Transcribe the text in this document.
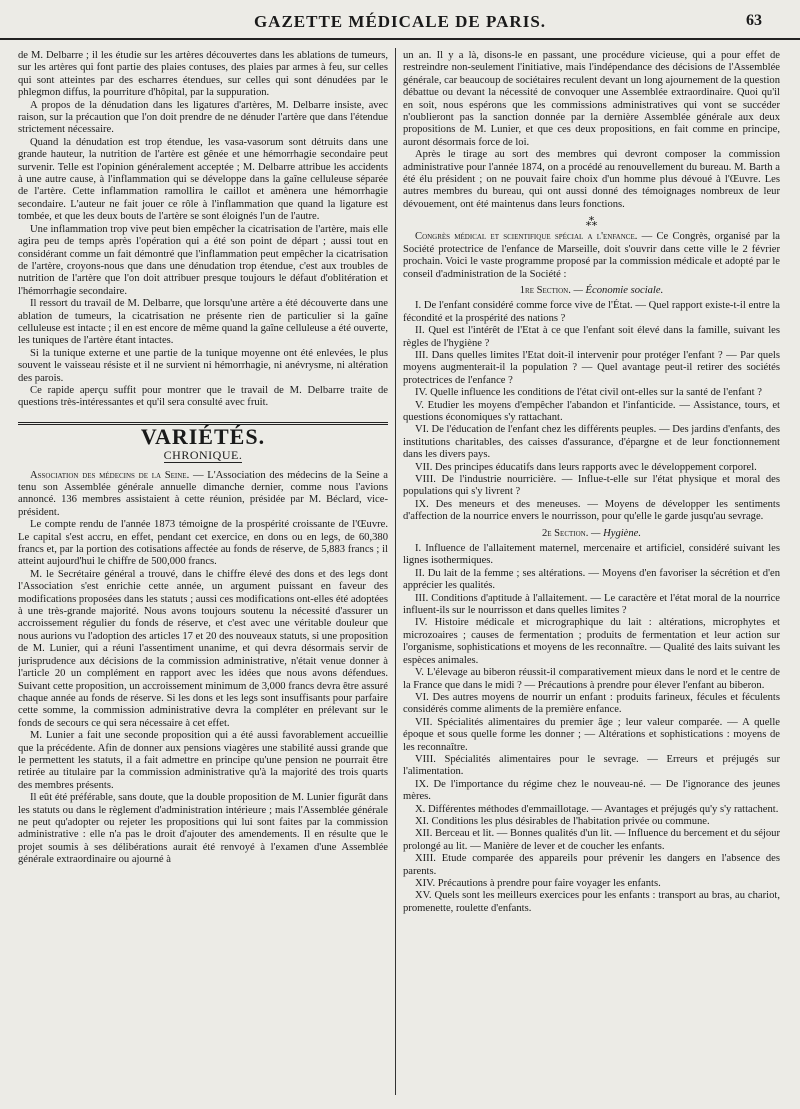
GAZETTE MÉDICALE DE PARIS.	63

de M. Delbarre ; il les étudie sur les artères découvertes dans les ablations de tumeurs, sur les artères qui font partie des plaies contuses, des plaies par armes à feu, sur celles qui sont atteintes par des escharres étendues, sur celles qui sont dénudées par le phlegmon diffus, la pourriture d'hôpital, par la suppuration.

A propos de la dénudation dans les ligatures d'artères, M. Delbarre insiste, avec raison, sur la précaution que l'on doit prendre de ne dénuder l'artère que dans l'étendue strictement nécessaire.

Quand la dénudation est trop étendue, les vasa-vasorum sont détruits dans une grande hauteur, la nutrition de l'artère est gênée et une hémorrhagie secondaire peut survenir. Telle est l'opinion généralement acceptée ; M. Delbarre attribue les accidents à une autre cause, à l'inflammation qui se développe dans la gaîne celluleuse séparée de l'artère. Cette inflammation ramollira le caillot et amènera une hémorrhagie secondaire. L'auteur ne fait jouer ce rôle à l'inflammation que quand la ligature est tombée, et que les deux bouts de l'artère se sont éloignés l'un de l'autre.

Une inflammation trop vive peut bien empêcher la cicatrisation de l'artère, mais elle agira peu de temps après l'opération qui a été son point de départ ; aussi tout en considérant comme un fait démontré que l'inflammation peut empêcher la cicatrisation de l'artère, croyons-nous que dans une dénudation trop étendue, c'est aux troubles de nutrition de l'artère que l'on doit attribuer presque toujours le défaut d'oblitération et l'hémorrhagie secondaire.

Il ressort du travail de M. Delbarre, que lorsqu'une artère a été découverte dans une ablation de tumeurs, la cicatrisation ne présente rien de particulier si la gaîne celluleuse est intacte ; il en est encore de même quand la gaîne celluleuse a été ouverte, les tuniques de l'artère étant intactes.

Si la tunique externe et une partie de la tunique moyenne ont été enlevées, le plus souvent le vaisseau résiste et il ne survient ni hémorrhagie, ni anévrysme, ni altération des parois.

Ce rapide aperçu suffit pour montrer que le travail de M. Delbarre traite de questions très-intéressantes et qu'il sera consulté avec fruit.

VARIÉTÉS.
CHRONIQUE.

Association des médecins de la Seine. — L'Association des médecins de la Seine a tenu son Assemblée générale annuelle dimanche dernier, comme nous l'avions annoncé. 136 membres assistaient à cette réunion, présidée par M. Béclard, vice-président.

Le compte rendu de l'année 1873 témoigne de la prospérité croissante de l'Œuvre. Le capital s'est accru, en effet, pendant cet exercice, en dons ou en legs, de 60,380 francs et, par la portion des cotisations affectée au fonds de réserve, de 5,883 francs ; il atteint aujourd'hui le chiffre de 500,000 francs.

M. le Secrétaire général a trouvé, dans le chiffre élevé des dons et des legs dont l'Association s'est enrichie cette année, un argument puissant en faveur des modifications proposées dans les statuts ; aussi ces modifications ont-elles été adoptées à une très-grande majorité. Nous avons toujours soutenu la nécessité d'assurer un accroissement régulier du fonds de réserve, et c'est avec une véritable douleur que nous aurions vu l'adoption des articles 17 et 20 des nouveaux statuts, si une proposition de M. Lunier, qui a réuni l'assentiment unanime, et qui devra désormais servir de jurisprudence aux décisions de la commission administrative, n'était venue donner à l'article 20 un complément en rapport avec les idées que nous avons défendues. Suivant cette proposition, un accroissement minimum de 3,000 francs devra être assuré chaque année au fonds de réserve. Si les dons et les legs sont insuffisants pour parfaire cette somme, la commission administrative devra la compléter en prélevant sur le fonds de secours ce qui sera nécessaire à cet effet.

M. Lunier a fait une seconde proposition qui a été aussi favorablement accueillie que la précédente. Afin de donner aux pensions viagères une stabilité aussi grande que le permettent les statuts, il a fait admettre en principe qu'une pension ne pourrait être retirée au titulaire par la commission administrative qu'à la majorité des trois quarts des membres présents.

Il eût été préférable, sans doute, que la double proposition de M. Lunier figurât dans les statuts ou dans le règlement d'administration intérieure ; mais l'Assemblée générale ne peut qu'adopter ou rejeter les propositions qui lui sont faites par la commission administrative : elle n'a pas le droit d'ajouter des amendements. Il en résulte que le projet soumis à ses délibérations aurait été renvoyé à l'examen d'une Assemblée générale extraordinaire ou ajourné à

un an. Il y a là, disons-le en passant, une procédure vicieuse, qui a pour effet de restreindre non-seulement l'initiative, mais l'indépendance des décisions de l'Assemblée générale, car beaucoup de sociétaires reculent devant un long ajournement de la question débattue ou devant la nécessité de convoquer une Assemblée extraordinaire. Quoi qu'il en soit, nous espérons que les commissions administratives qui vont se succéder n'oublieront pas la sanction donnée par la dernière Assemblée générale aux deux propositions de M. Lunier, et que ces deux propositions, en fait comme en principe, auront désormais force de loi.

Après le tirage au sort des membres qui devront composer la commission administrative pour l'année 1874, on a procédé au renouvellement du bureau. M. Barth a été élu président ; on ne pouvait faire choix d'un homme plus dévoué à l'Œuvre. Les autres membres du bureau, qui ont aussi donné des témoignages nombreux de leur dévouement, ont été maintenus dans leurs fonctions.

⁂

Congrès médical et scientifique spécial a l'enfance. — Ce Congrès, organisé par la Société protectrice de l'enfance de Marseille, doit s'ouvrir dans cette ville le 2 février prochain. Voici le vaste programme proposé par la commission médicale et adopté par le conseil d'administration de la Société :

1re Section. — Économie sociale.

I. De l'enfant considéré comme force vive de l'État. — Quel rapport existe-t-il entre la fécondité et la prospérité des nations ?

II. Quel est l'intérêt de l'Etat à ce que l'enfant soit élevé dans la famille, suivant les règles de l'hygiène ?

III. Dans quelles limites l'Etat doit-il intervenir pour protéger l'enfant ? — Par quels moyens augmenterait-il la population ? — Quel avantage peut-il retirer des sociétés protectrices de l'enfance ?

IV. Quelle influence les conditions de l'état civil ont-elles sur la santé de l'enfant ?

V. Etudier les moyens d'empêcher l'abandon et l'infanticide. — Assistance, tours, et questions économiques s'y rattachant.

VI. De l'éducation de l'enfant chez les différents peuples. — Des jardins d'enfants, des institutions charitables, des caisses d'assurance, d'épargne et de leur fonctionnement dans les divers pays.

VII. Des principes éducatifs dans leurs rapports avec le développement corporel.

VIII. De l'industrie nourricière. — Influe-t-elle sur l'état physique et moral des populations qui s'y livrent ?

IX. Des meneurs et des meneuses. — Moyens de développer les sentiments d'affection de la nourrice envers le nourrisson, pour qu'elle le garde jusqu'au sevrage.

2e Section. — Hygiène.

I. Influence de l'allaitement maternel, mercenaire et artificiel, considéré suivant les lignes isothermiques.

II. Du lait de la femme ; ses altérations. — Moyens d'en favoriser la sécrétion et d'en apprécier les qualités.

III. Conditions d'aptitude à l'allaitement. — Le caractère et l'état moral de la nourrice influent-ils sur le nourrisson et dans quelles limites ?

IV. Histoire médicale et micrographique du lait : altérations, microphytes et microzoaires ; causes de fermentation ; produits de fermentation et leur action sur l'organisme, sophistications et moyens de les reconnaître. — Qualité des laits suivant les espèces animales.

V. L'élevage au biberon réussit-il comparativement mieux dans le nord et le centre de la France que dans le midi ? — Précautions à prendre pour élever l'enfant au biberon.

VI. Des autres moyens de nourrir un enfant : produits farineux, fécules et féculents considérés comme aliments de la première enfance.

VII. Spécialités alimentaires du premier âge ; leur valeur comparée. — A quelle époque et sous quelle forme les donner ; — Altérations et sophistications : moyens de les reconnaître.

VIII. Spécialités alimentaires pour le sevrage. — Erreurs et préjugés sur l'alimentation.

IX. De l'importance du régime chez le nouveau-né. — De l'ignorance des jeunes mères.

X. Différentes méthodes d'emmaillotage. — Avantages et préjugés qu'y s'y rattachent.

XI. Conditions les plus désirables de l'habitation privée ou commune.

XII. Berceau et lit. — Bonnes qualités d'un lit. — Influence du bercement et du séjour prolongé au lit. — Manière de lever et de coucher les enfants.

XIII. Etude comparée des appareils pour prévenir les dangers en l'absence des parents.

XIV. Précautions à prendre pour faire voyager les enfants.

XV. Quels sont les meilleurs exercices pour les enfants : transport au bras, au chariot, promenette, roulette d'enfants.
